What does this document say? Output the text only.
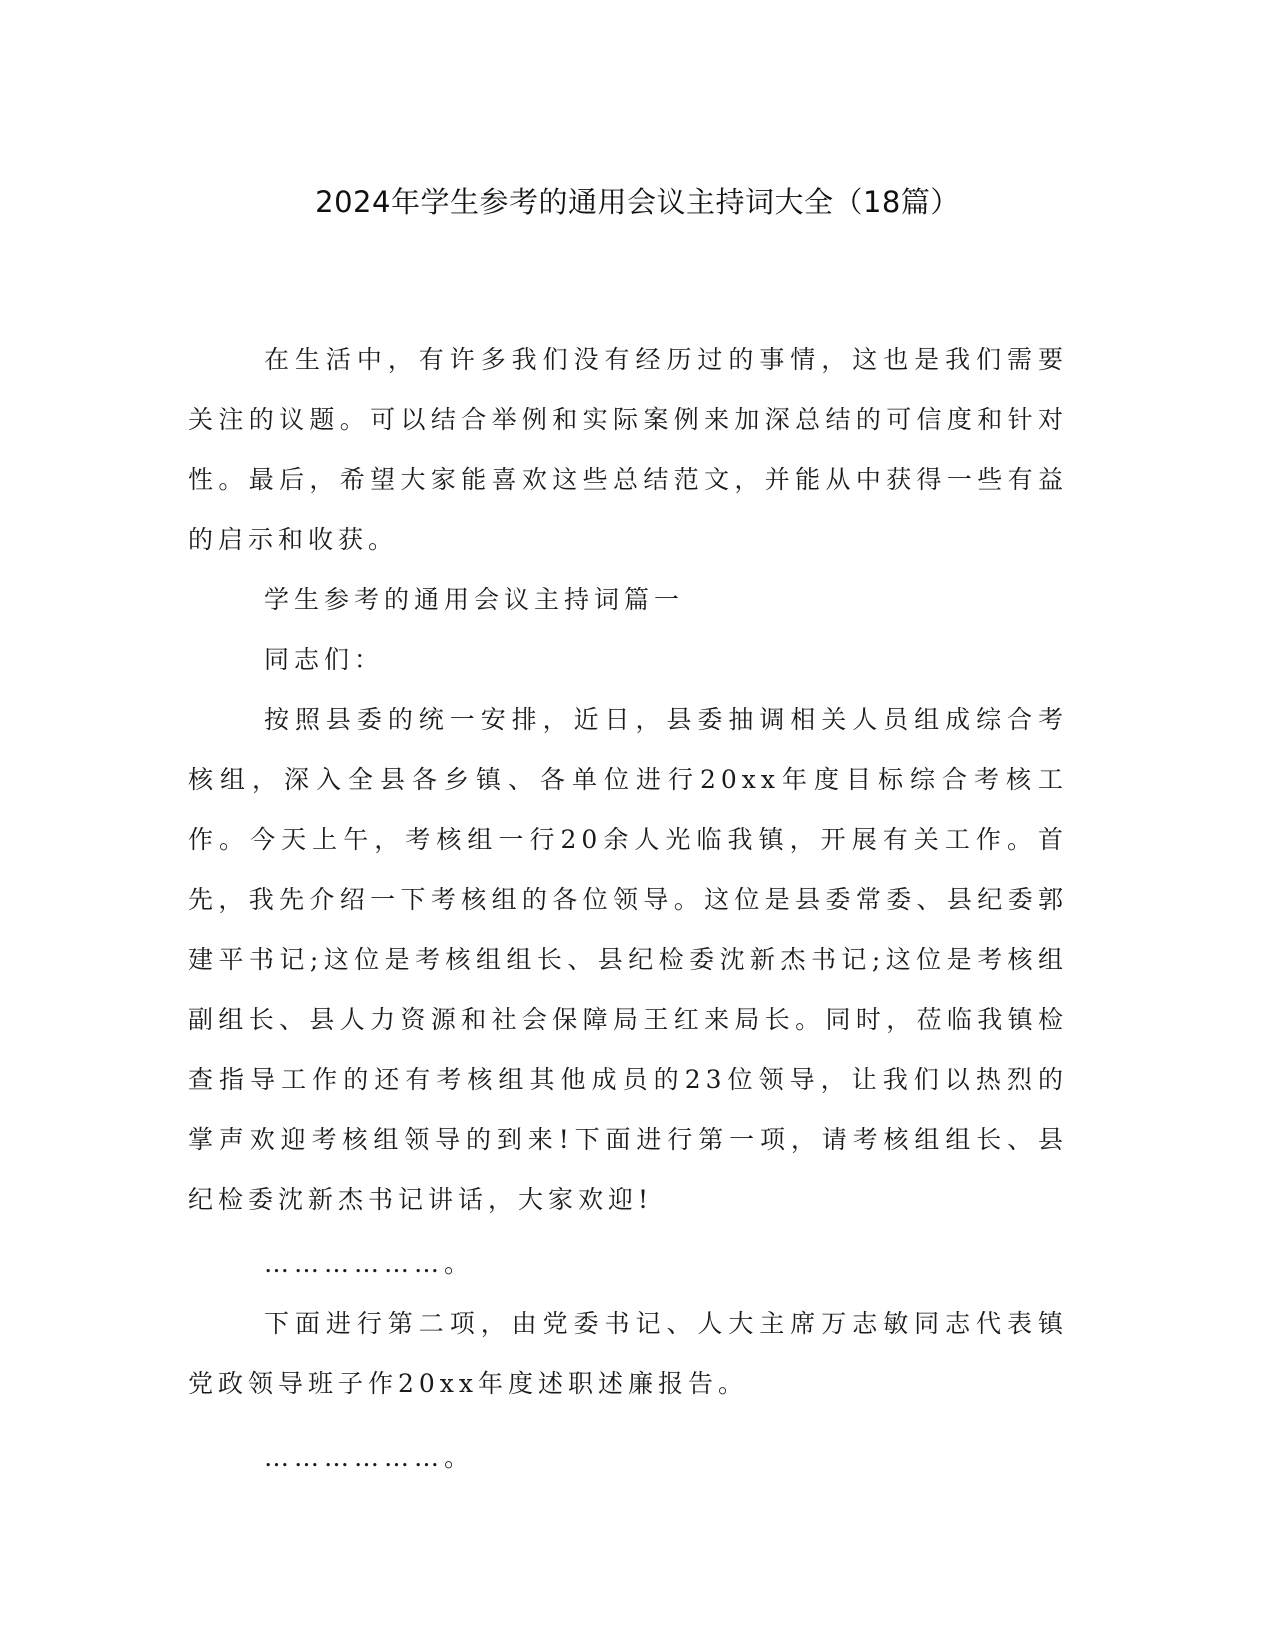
2024年学生参考的通用会议主持词大全（18篇）

在生活中，有许多我们没有经历过的事情，这也是我们需要关注的议题。可以结合举例和实际案例来加深总结的可信度和针对性。最后，希望大家能喜欢这些总结范文，并能从中获得一些有益的启示和收获。

学生参考的通用会议主持词篇一

同志们：

按照县委的统一安排，近日，县委抽调相关人员组成综合考核组，深入全县各乡镇、各单位进行20xx年度目标综合考核工作。今天上午，考核组一行20余人光临我镇，开展有关工作。首先，我先介绍一下考核组的各位领导。这位是县委常委、县纪委郭建平书记;这位是考核组组长、县纪检委沈新杰书记;这位是考核组副组长、县人力资源和社会保障局王红来局长。同时，莅临我镇检查指导工作的还有考核组其他成员的23位领导，让我们以热烈的掌声欢迎考核组领导的到来!下面进行第一项，请考核组组长、县纪检委沈新杰书记讲话，大家欢迎!

………………。

下面进行第二项，由党委书记、人大主席万志敏同志代表镇党政领导班子作20xx年度述职述廉报告。

………………。
